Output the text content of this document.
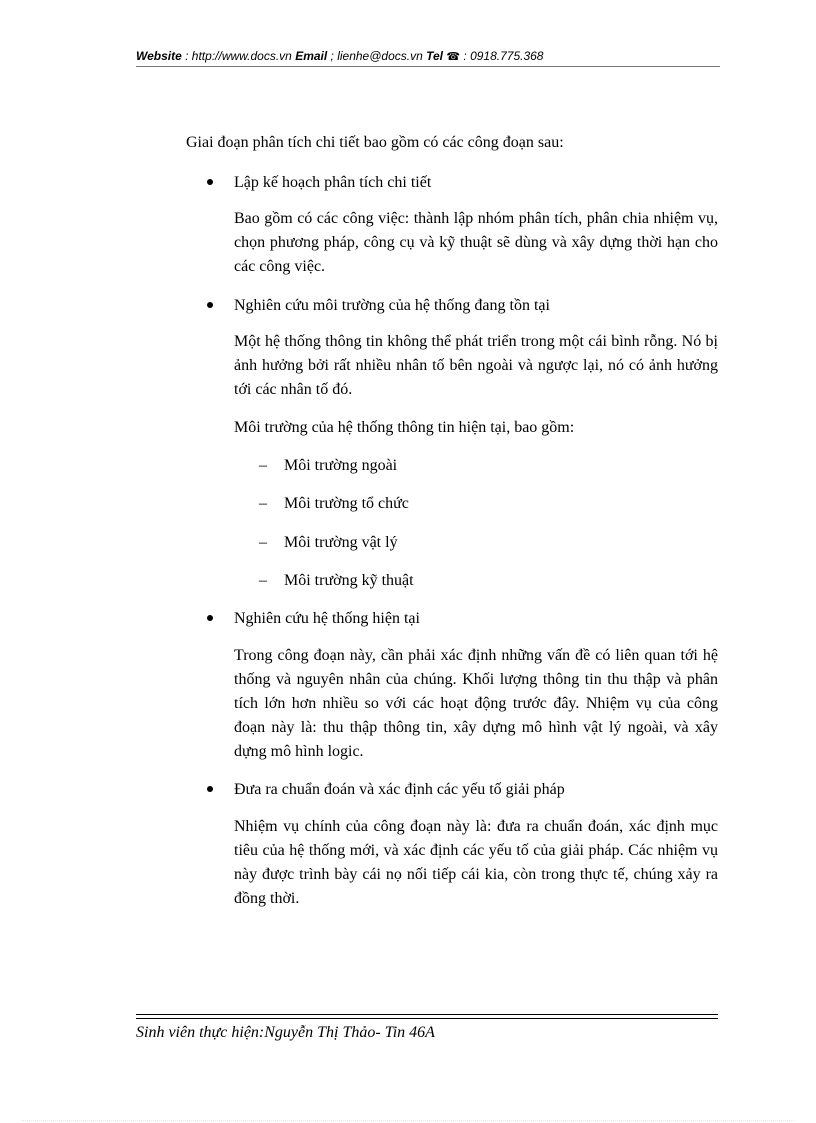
Website : http://www.docs.vn Email ; lienhe@docs.vn Tel ☎ : 0918.775.368
Giai đoạn phân tích chi tiết bao gồm có các công đoạn sau:
Lập kế hoạch phân tích chi tiết
Bao gồm có các công việc: thành lập nhóm phân tích, phân chia nhiệm vụ, chọn phương pháp, công cụ và kỹ thuật sẽ dùng và xây dựng thời hạn cho các công việc.
Nghiên cứu môi trường của hệ thống đang tồn tại
Một hệ thống thông tin không thể phát triển trong một cái bình rỗng. Nó bị ảnh hưởng bởi rất nhiều nhân tố bên ngoài và ngược lại, nó có ảnh hưởng tới các nhân tố đó.
Môi trường của hệ thống thông tin hiện tại, bao gồm:
– Môi trường ngoài
– Môi trường tổ chức
– Môi trường vật lý
– Môi trường kỹ thuật
Nghiên cứu hệ thống hiện tại
Trong công đoạn này, cần phải xác định những vấn đề có liên quan tới hệ thống và nguyên nhân của chúng. Khối lượng thông tin thu thập và phân tích lớn hơn nhiều so với các hoạt động trước đây. Nhiệm vụ của công đoạn này là: thu thập thông tin, xây dựng mô hình vật lý ngoài, và xây dựng mô hình logic.
Đưa ra chuẩn đoán và xác định các yếu tố giải pháp
Nhiệm vụ chính của công đoạn này là: đưa ra chuẩn đoán, xác định mục tiêu của hệ thống mới, và xác định các yếu tố của giải pháp. Các nhiệm vụ này được trình bày cái nọ nối tiếp cái kia, còn trong thực tế, chúng xảy ra đồng thời.
Sinh viên thực hiện:Nguyễn Thị Thảo- Tin 46A
